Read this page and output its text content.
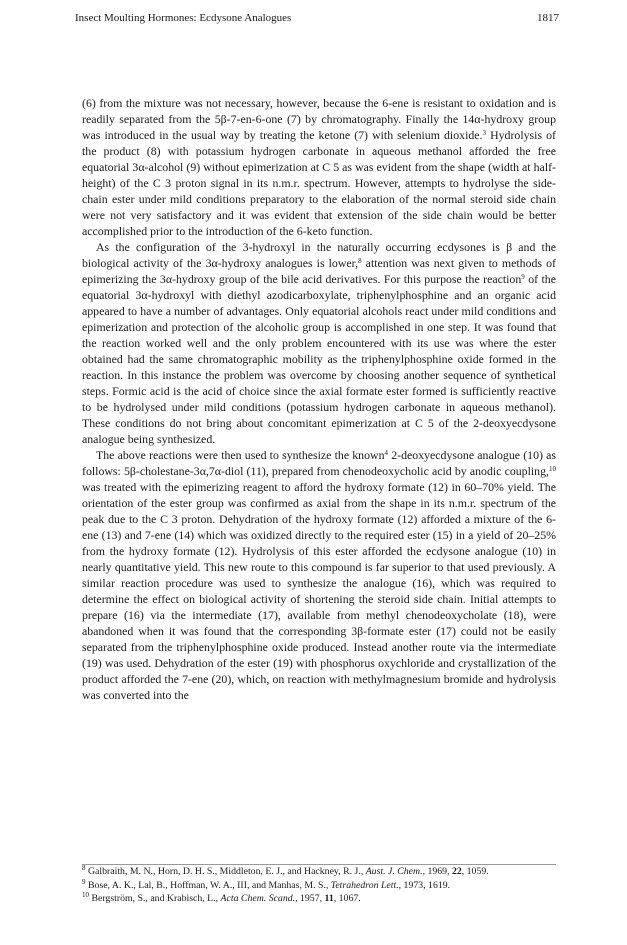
Insect Moulting Hormones: Ecdysone Analogues	1817

(6) from the mixture was not necessary, however, because the 6-ene is resistant to oxidation and is readily separated from the 5β-7-en-6-one (7) by chromatography. Finally the 14α-hydroxy group was introduced in the usual way by treating the ketone (7) with selenium dioxide.$^3$ Hydrolysis of the product (8) with potassium hydrogen carbonate in aqueous methanol afforded the free equatorial 3α-alcohol (9) without epimerization at C 5 as was evident from the shape (width at half-height) of the C 3 proton signal in its n.m.r. spectrum. However, attempts to hydrolyse the side-chain ester under mild conditions preparatory to the elaboration of the normal steroid side chain were not very satisfactory and it was evident that extension of the side chain would be better accomplished prior to the introduction of the 6-keto function.

As the configuration of the 3-hydroxyl in the naturally occurring ecdysones is β and the biological activity of the 3α-hydroxy analogues is lower,$^8$ attention was next given to methods of epimerizing the 3α-hydroxy group of the bile acid derivatives. For this purpose the reaction$^9$ of the equatorial 3α-hydroxyl with diethyl azodicarboxylate, triphenylphosphine and an organic acid appeared to have a number of advantages. Only equatorial alcohols react under mild conditions and epimerization and protection of the alcoholic group is accomplished in one step. It was found that the reaction worked well and the only problem encountered with its use was where the ester obtained had the same chromatographic mobility as the triphenylphosphine oxide formed in the reaction. In this instance the problem was overcome by choosing another sequence of synthetical steps. Formic acid is the acid of choice since the axial formate ester formed is sufficiently reactive to be hydrolysed under mild conditions (potassium hydrogen carbonate in aqueous methanol). These conditions do not bring about concomitant epimerization at C 5 of the 2-deoxyecdysone analogue being synthesized.

The above reactions were then used to synthesize the known$^4$ 2-deoxyecdysone analogue (10) as follows: 5β-cholestane-3α,7α-diol (11), prepared from chenodeoxycholic acid by anodic coupling,$^{10}$ was treated with the epimerizing reagent to afford the hydroxy formate (12) in 60–70% yield. The orientation of the ester group was confirmed as axial from the shape in its n.m.r. spectrum of the peak due to the C 3 proton. Dehydration of the hydroxy formate (12) afforded a mixture of the 6-ene (13) and 7-ene (14) which was oxidized directly to the required ester (15) in a yield of 20–25% from the hydroxy formate (12). Hydrolysis of this ester afforded the ecdysone analogue (10) in nearly quantitative yield. This new route to this compound is far superior to that used previously. A similar reaction procedure was used to synthesize the analogue (16), which was required to determine the effect on biological activity of shortening the steroid side chain. Initial attempts to prepare (16) via the intermediate (17), available from methyl chenodeoxycholate (18), were abandoned when it was found that the corresponding 3β-formate ester (17) could not be easily separated from the triphenylphosphine oxide produced. Instead another route via the intermediate (19) was used. Dehydration of the ester (19) with phosphorus oxychloride and crystallization of the product afforded the 7-ene (20), which, on reaction with methylmagnesium bromide and hydrolysis was converted into the

$^8$ Galbraith, M. N., Horn, D. H. S., Middleton, E. J., and Hackney, R. J., Aust. J. Chem., 1969, 22, 1059.

$^9$ Bose, A. K., Lal, B., Hoffman, W. A., III, and Manhas, M. S., Tetrahedron Lett., 1973, 1619.

$^{10}$ Bergström, S., and Krabisch, L., Acta Chem. Scand., 1957, 11, 1067.
